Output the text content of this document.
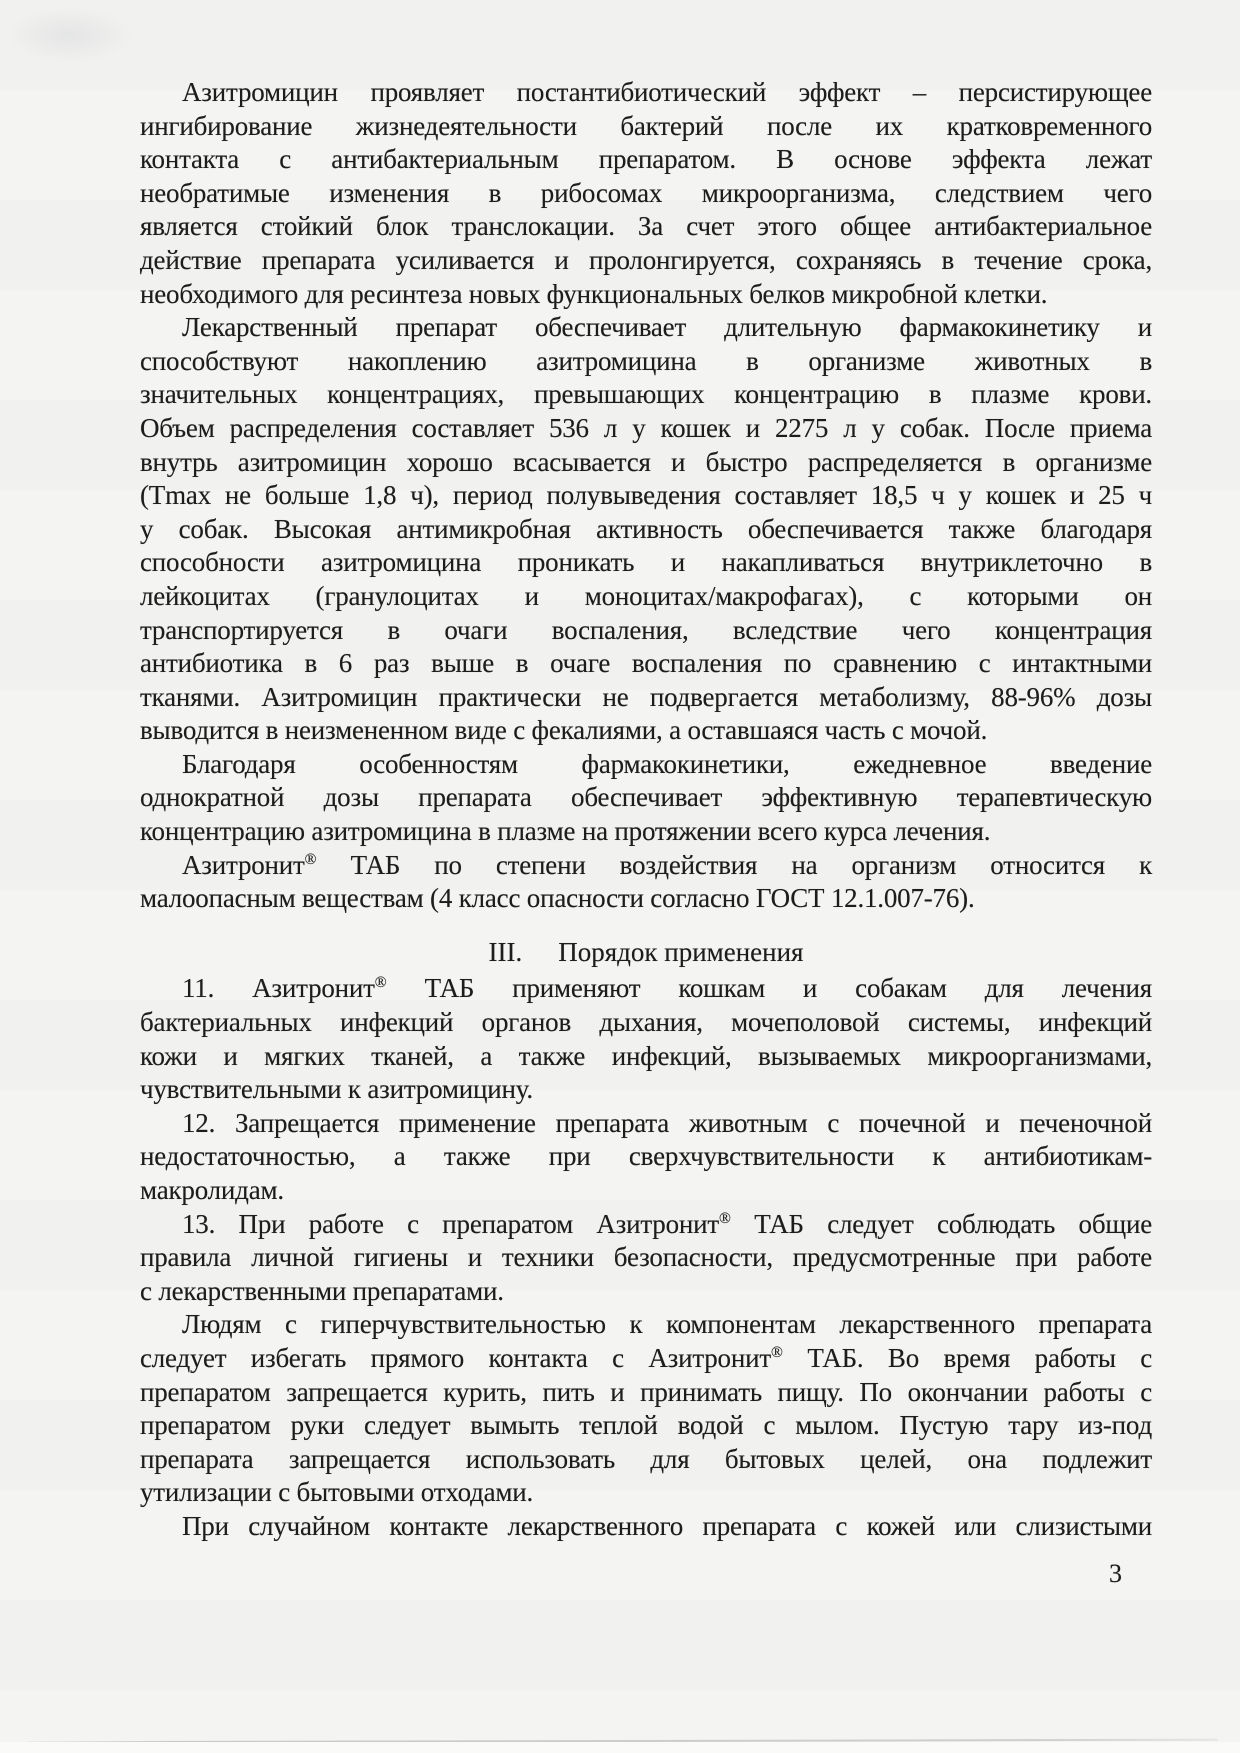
Азитромицин проявляет постантибиотический эффект – персистирующее
ингибирование жизнедеятельности бактерий после их кратковременного
контакта с антибактериальным препаратом. В основе эффекта лежат
необратимые изменения в рибосомах микроорганизма, следствием чего
является стойкий блок транслокации. За счет этого общее антибактериальное
действие препарата усиливается и пролонгируется, сохраняясь в течение срока,
необходимого для ресинтеза новых функциональных белков микробной клетки.
Лекарственный препарат обеспечивает длительную фармакокинетику и
способствуют накоплению азитромицина в организме животных в
значительных концентрациях, превышающих концентрацию в плазме крови.
Объем распределения составляет 536 л у кошек и 2275 л у собак. После приема
внутрь азитромицин хорошо всасывается и быстро распределяется в организме
(Tmax не больше 1,8 ч), период полувыведения составляет 18,5 ч у кошек и 25 ч
у собак. Высокая антимикробная активность обеспечивается также благодаря
способности азитромицина проникать и накапливаться внутриклеточно в
лейкоцитах (гранулоцитах и моноцитах/макрофагах), с которыми он
транспортируется в очаги воспаления, вследствие чего концентрация
антибиотика в 6 раз выше в очаге воспаления по сравнению с интактными
тканями. Азитромицин практически не подвергается метаболизму, 88-96% дозы
выводится в неизмененном виде с фекалиями, а оставшаяся часть с мочой.
Благодаря особенностям фармакокинетики, ежедневное введение
однократной дозы препарата обеспечивает эффективную терапевтическую
концентрацию азитромицина в плазме на протяжении всего курса лечения.
Азитронит® ТАБ по степени воздействия на организм относится к
малоопасным веществам (4 класс опасности согласно ГОСТ 12.1.007-76).
III. Порядок применения
11. Азитронит® ТАБ применяют кошкам и собакам для лечения
бактериальных инфекций органов дыхания, мочеполовой системы, инфекций
кожи и мягких тканей, а также инфекций, вызываемых микроорганизмами,
чувствительными к азитромицину.
12. Запрещается применение препарата животным с почечной и печеночной
недостаточностью, а также при сверхчувствительности к антибиотикам-
макролидам.
13. При работе с препаратом Азитронит® ТАБ следует соблюдать общие
правила личной гигиены и техники безопасности, предусмотренные при работе
с лекарственными препаратами.
Людям с гиперчувствительностью к компонентам лекарственного препарата
следует избегать прямого контакта с Азитронит® ТАБ. Во время работы с
препаратом запрещается курить, пить и принимать пищу. По окончании работы с
препаратом руки следует вымыть теплой водой с мылом. Пустую тару из-под
препарата запрещается использовать для бытовых целей, она подлежит
утилизации с бытовыми отходами.
При случайном контакте лекарственного препарата с кожей или слизистыми
3
